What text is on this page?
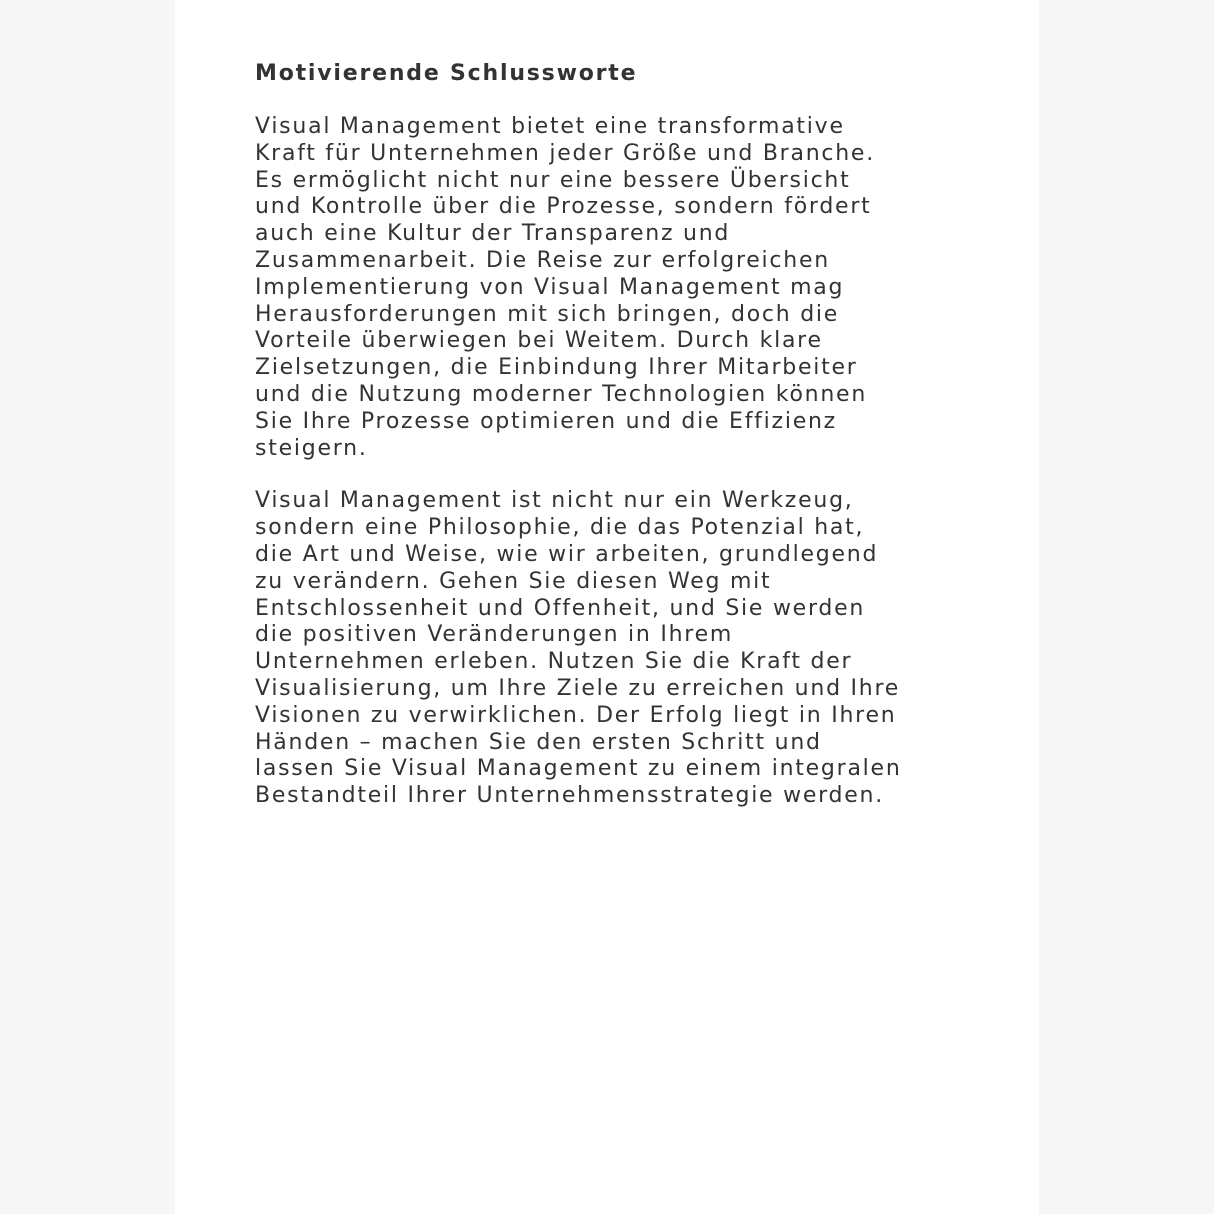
Motivierende Schlussworte

Visual Management bietet eine transformative
Kraft für Unternehmen jeder Größe und Branche.
Es ermöglicht nicht nur eine bessere Übersicht
und Kontrolle über die Prozesse, sondern fördert
auch eine Kultur der Transparenz und
Zusammenarbeit. Die Reise zur erfolgreichen
Implementierung von Visual Management mag
Herausforderungen mit sich bringen, doch die
Vorteile überwiegen bei Weitem. Durch klare
Zielsetzungen, die Einbindung Ihrer Mitarbeiter
und die Nutzung moderner Technologien können
Sie Ihre Prozesse optimieren und die Effizienz
steigern.

Visual Management ist nicht nur ein Werkzeug,
sondern eine Philosophie, die das Potenzial hat,
die Art und Weise, wie wir arbeiten, grundlegend
zu verändern. Gehen Sie diesen Weg mit
Entschlossenheit und Offenheit, und Sie werden
die positiven Veränderungen in Ihrem
Unternehmen erleben. Nutzen Sie die Kraft der
Visualisierung, um Ihre Ziele zu erreichen und Ihre
Visionen zu verwirklichen. Der Erfolg liegt in Ihren
Händen – machen Sie den ersten Schritt und
lassen Sie Visual Management zu einem integralen
Bestandteil Ihrer Unternehmensstrategie werden.
